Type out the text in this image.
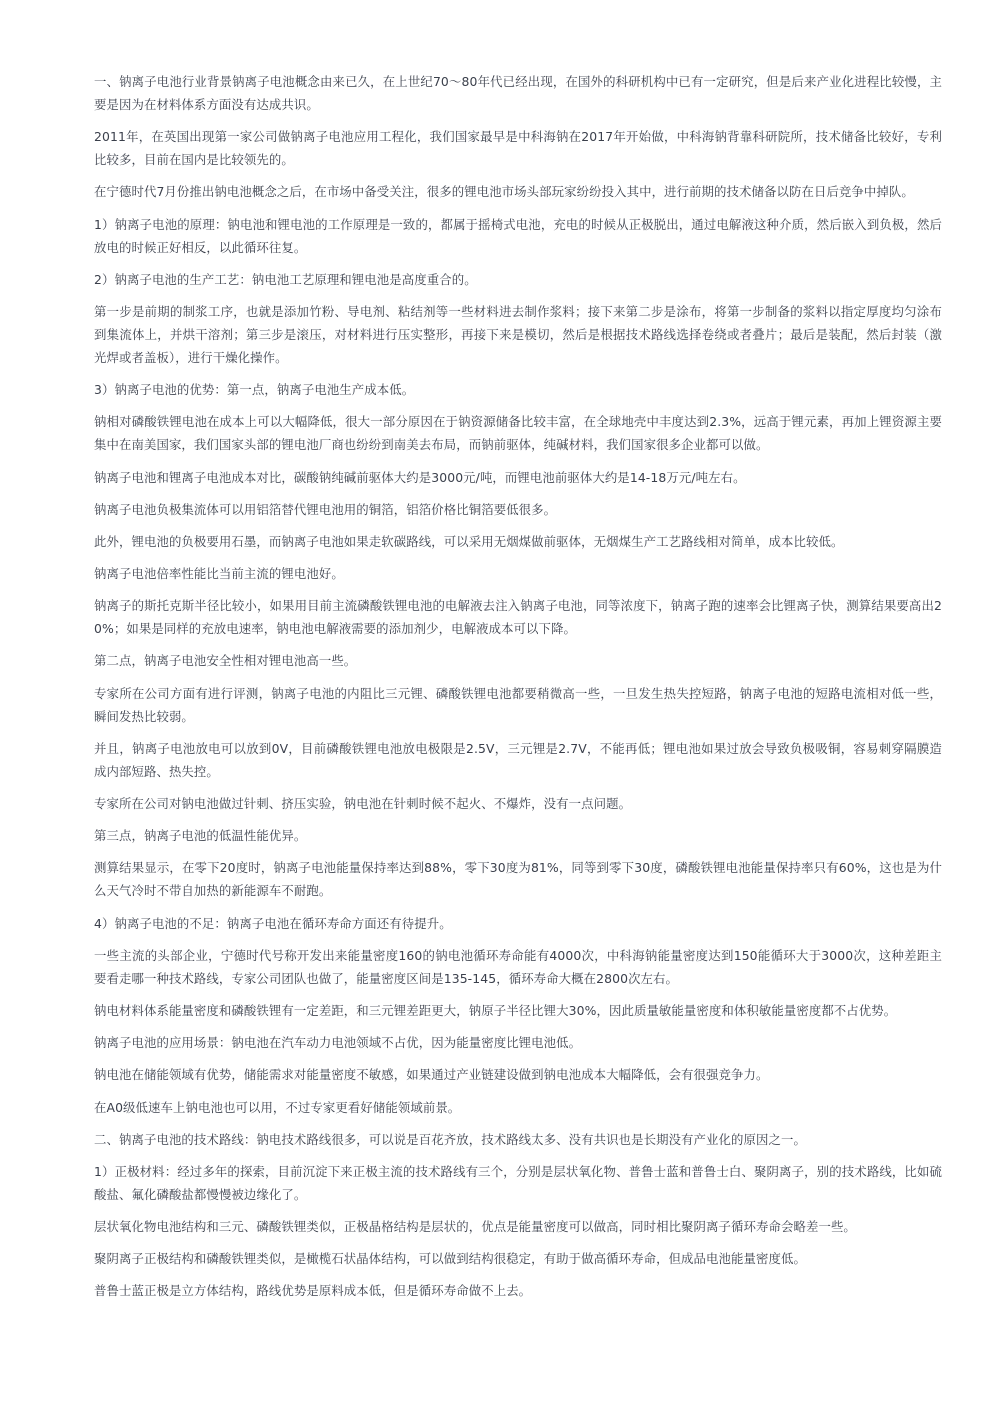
一、钠离子电池行业背景钠离子电池概念由来已久，在上世纪70～80年代已经出现，在国外的科研机构中已有一定研究，但是后来产业化进程比较慢，主要是因为在材料体系方面没有达成共识。

2011年，在英国出现第一家公司做钠离子电池应用工程化，我们国家最早是中科海钠在2017年开始做，中科海钠背靠科研院所，技术储备比较好，专利比较多，目前在国内是比较领先的。

在宁德时代7月份推出钠电池概念之后，在市场中备受关注，很多的锂电池市场头部玩家纷纷投入其中，进行前期的技术储备以防在日后竞争中掉队。

1）钠离子电池的原理：钠电池和锂电池的工作原理是一致的，都属于摇椅式电池，充电的时候从正极脱出，通过电解液这种介质，然后嵌入到负极，然后放电的时候正好相反，以此循环往复。

2）钠离子电池的生产工艺：钠电池工艺原理和锂电池是高度重合的。

第一步是前期的制浆工序，也就是添加竹粉、导电剂、粘结剂等一些材料进去制作浆料；接下来第二步是涂布，将第一步制备的浆料以指定厚度均匀涂布到集流体上，并烘干溶剂；第三步是滚压，对材料进行压实整形，再接下来是模切，然后是根据技术路线选择卷绕或者叠片；最后是装配，然后封装（激光焊或者盖板），进行干燥化操作。

3）钠离子电池的优势：第一点，钠离子电池生产成本低。

钠相对磷酸铁锂电池在成本上可以大幅降低，很大一部分原因在于钠资源储备比较丰富，在全球地壳中丰度达到2.3%，远高于锂元素，再加上锂资源主要集中在南美国家，我们国家头部的锂电池厂商也纷纷到南美去布局，而钠前驱体，纯碱材料，我们国家很多企业都可以做。

钠离子电池和锂离子电池成本对比，碳酸钠纯碱前驱体大约是3000元/吨，而锂电池前驱体大约是14-18万元/吨左右。

钠离子电池负极集流体可以用铝箔替代锂电池用的铜箔，铝箔价格比铜箔要低很多。

此外，锂电池的负极要用石墨，而钠离子电池如果走软碳路线，可以采用无烟煤做前驱体，无烟煤生产工艺路线相对简单，成本比较低。

钠离子电池倍率性能比当前主流的锂电池好。

钠离子的斯托克斯半径比较小，如果用目前主流磷酸铁锂电池的电解液去注入钠离子电池，同等浓度下，钠离子跑的速率会比锂离子快，测算结果要高出20%；如果是同样的充放电速率，钠电池电解液需要的添加剂少，电解液成本可以下降。

第二点，钠离子电池安全性相对锂电池高一些。

专家所在公司方面有进行评测，钠离子电池的内阻比三元锂、磷酸铁锂电池都要稍微高一些，一旦发生热失控短路，钠离子电池的短路电流相对低一些，瞬间发热比较弱。

并且，钠离子电池放电可以放到0V，目前磷酸铁锂电池放电极限是2.5V，三元锂是2.7V，不能再低；锂电池如果过放会导致负极吸铜，容易刺穿隔膜造成内部短路、热失控。

专家所在公司对钠电池做过针刺、挤压实验，钠电池在针刺时候不起火、不爆炸，没有一点问题。

第三点，钠离子电池的低温性能优异。

测算结果显示，在零下20度时，钠离子电池能量保持率达到88%，零下30度为81%，同等到零下30度，磷酸铁锂电池能量保持率只有60%，这也是为什么天气冷时不带自加热的新能源车不耐跑。

4）钠离子电池的不足：钠离子电池在循环寿命方面还有待提升。

一些主流的头部企业，宁德时代号称开发出来能量密度160的钠电池循环寿命能有4000次，中科海钠能量密度达到150能循环大于3000次，这种差距主要看走哪一种技术路线，专家公司团队也做了，能量密度区间是135-145，循环寿命大概在2800次左右。

钠电材料体系能量密度和磷酸铁锂有一定差距，和三元锂差距更大，钠原子半径比锂大30%，因此质量敏能量密度和体积敏能量密度都不占优势。

钠离子电池的应用场景：钠电池在汽车动力电池领域不占优，因为能量密度比锂电池低。

钠电池在储能领域有优势，储能需求对能量密度不敏感，如果通过产业链建设做到钠电池成本大幅降低，会有很强竞争力。

在A0级低速车上钠电池也可以用，不过专家更看好储能领域前景。

二、钠离子电池的技术路线：钠电技术路线很多，可以说是百花齐放，技术路线太多、没有共识也是长期没有产业化的原因之一。

1）正极材料：经过多年的探索，目前沉淀下来正极主流的技术路线有三个，分别是层状氧化物、普鲁士蓝和普鲁士白、聚阴离子，别的技术路线，比如硫酸盐、氟化磷酸盐都慢慢被边缘化了。

层状氧化物电池结构和三元、磷酸铁锂类似，正极晶格结构是层状的，优点是能量密度可以做高，同时相比聚阴离子循环寿命会略差一些。

聚阴离子正极结构和磷酸铁锂类似，是橄榄石状晶体结构，可以做到结构很稳定，有助于做高循环寿命，但成品电池能量密度低。

普鲁士蓝正极是立方体结构，路线优势是原料成本低，但是循环寿命做不上去。
